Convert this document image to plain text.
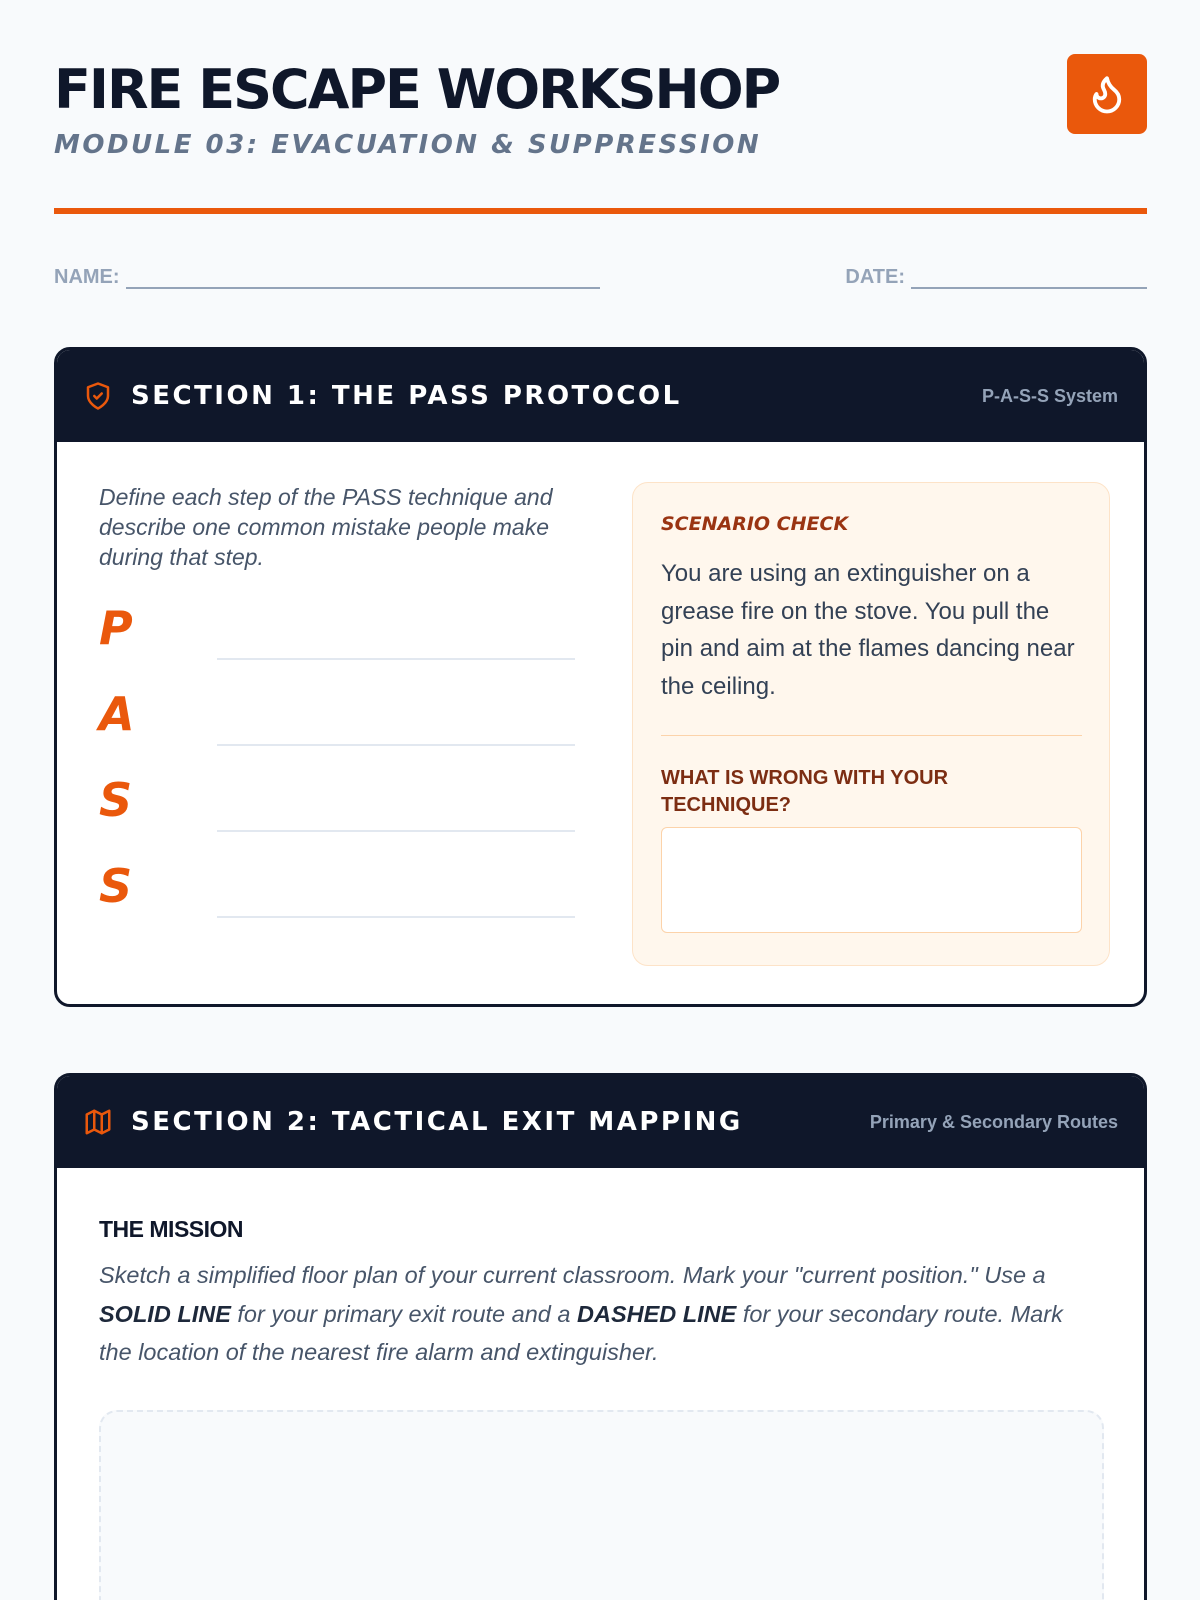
FIRE ESCAPE WORKSHOP
MODULE 03: EVACUATION & SUPPRESSION
NAME:	DATE:
SECTION 1: THE PASS PROTOCOL	P-A-S-S System
Define each step of the PASS technique and describe one common mistake people make during that step.
P
A
S
S
SCENARIO CHECK
You are using an extinguisher on a grease fire on the stove. You pull the pin and aim at the flames dancing near the ceiling.
WHAT IS WRONG WITH YOUR TECHNIQUE?
SECTION 2: TACTICAL EXIT MAPPING	Primary & Secondary Routes
THE MISSION
Sketch a simplified floor plan of your current classroom. Mark your "current position." Use a SOLID LINE for your primary exit route and a DASHED LINE for your secondary route. Mark the location of the nearest fire alarm and extinguisher.
